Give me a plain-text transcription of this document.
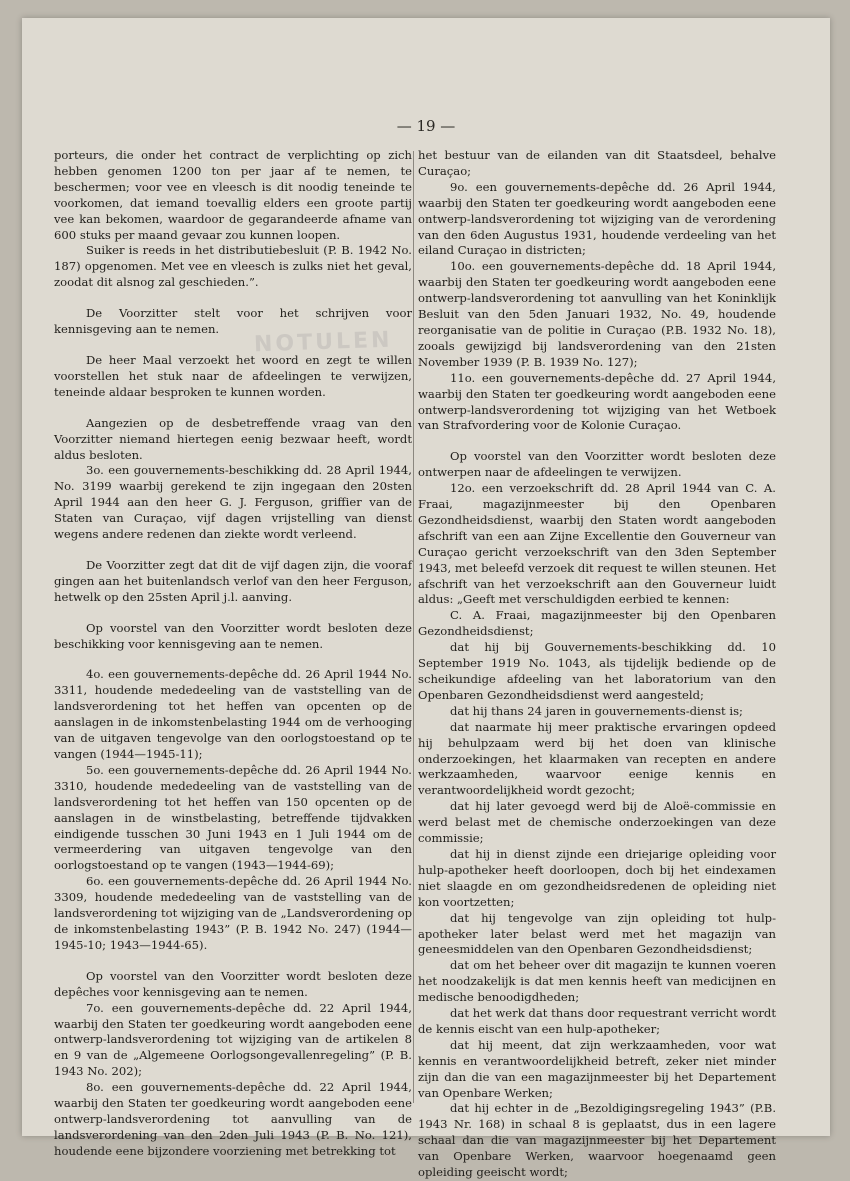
— 19 —
NOTULEN

porteurs, die onder het contract de verplichting op zich hebben genomen 1200 ton per jaar af te nemen, te beschermen; voor vee en vleesch is dit noodig teneinde te voorkomen, dat iemand toevallig elders een groote partij vee kan bekomen, waardoor de gegarandeerde afname van 600 stuks per maand gevaar zou kunnen loopen.

Suiker is reeds in het distributiebesluit (P. B. 1942 No. 187) opgenomen. Met vee en vleesch is zulks niet het geval, zoodat dit alsnog zal geschieden.”.

De Voorzitter stelt voor het schrijven voor kennisgeving aan te nemen.

De heer Maal verzoekt het woord en zegt te willen voorstellen het stuk naar de afdeelingen te verwijzen, teneinde aldaar besproken te kunnen worden.

Aangezien op de desbetreffende vraag van den Voorzitter niemand hiertegen eenig bezwaar heeft, wordt aldus besloten.

3o. een gouvernements-beschikking dd. 28 April 1944, No. 3199 waarbij gerekend te zijn ingegaan den 20sten April 1944 aan den heer G. J. Ferguson, griffier van de Staten van Curaçao, vijf dagen vrijstelling van dienst wegens andere redenen dan ziekte wordt verleend.

De Voorzitter zegt dat dit de vijf dagen zijn, die vooraf gingen aan het buitenlandsch verlof van den heer Ferguson, hetwelk op den 25sten April j.l. aanving.

Op voorstel van den Voorzitter wordt besloten deze beschikking voor kennisgeving aan te nemen.

4o. een gouvernements-depêche dd. 26 April 1944 No. 3311, houdende mededeeling van de vaststelling van de landsverordening tot het heffen van opcenten op de aanslagen in de inkomstenbelasting 1944 om de verhooging van de uitgaven tengevolge van den oorlogstoestand op te vangen (1944—1945-11);

5o. een gouvernements-depêche dd. 26 April 1944 No. 3310, houdende mededeeling van de vaststelling van de landsverordening tot het heffen van 150 opcenten op de aanslagen in de winstbelasting, betreffende tijdvakken eindigende tusschen 30 Juni 1943 en 1 Juli 1944 om de vermeerdering van uitgaven tengevolge van den oorlogstoestand op te vangen (1943—1944-69);

6o. een gouvernements-depêche dd. 26 April 1944 No. 3309, houdende mededeeling van de vaststelling van de landsverordening tot wijziging van de „Landsverordening op de inkomstenbelasting 1943” (P. B. 1942 No. 247) (1944—1945-10; 1943—1944-65).

Op voorstel van den Voorzitter wordt besloten deze depêches voor kennisgeving aan te nemen.

7o. een gouvernements-depêche dd. 22 April 1944, waarbij den Staten ter goedkeuring wordt aangeboden eene ontwerp-landsverordening tot wijziging van de artikelen 8 en 9 van de „Algemeene Oorlogsongevallenregeling” (P. B. 1943 No. 202);

8o. een gouvernements-depêche dd. 22 April 1944, waarbij den Staten ter goedkeuring wordt aangeboden eene ontwerp-landsverordening tot aanvulling van de landsverordening van den 2den Juli 1943 (P. B. No. 121), houdende eene bijzondere voorziening met betrekking tot

het bestuur van de eilanden van dit Staatsdeel, behalve Curaçao;

9o. een gouvernements-depêche dd. 26 April 1944, waarbij den Staten ter goedkeuring wordt aangeboden eene ontwerp-landsverordening tot wijziging van de verordening van den 6den Augustus 1931, houdende verdeeling van het eiland Curaçao in districten;

10o. een gouvernements-depêche dd. 18 April 1944, waarbij den Staten ter goedkeuring wordt aangeboden eene ontwerp-landsverordening tot aanvulling van het Koninklijk Besluit van den 5den Januari 1932, No. 49, houdende reorganisatie van de politie in Curaçao (P.B. 1932 No. 18), zooals gewijzigd bij landsverordening van den 21sten November 1939 (P. B. 1939 No. 127);

11o. een gouvernements-depêche dd. 27 April 1944, waarbij den Staten ter goedkeuring wordt aangeboden eene ontwerp-landsverordening tot wijziging van het Wetboek van Strafvordering voor de Kolonie Curaçao.

Op voorstel van den Voorzitter wordt besloten deze ontwerpen naar de afdeelingen te verwijzen.

12o. een verzoekschrift dd. 28 April 1944 van C. A. Fraai, magazijnmeester bij den Openbaren Gezondheidsdienst, waarbij den Staten wordt aangeboden afschrift van een aan Zijne Excellentie den Gouverneur van Curaçao gericht verzoekschrift van den 3den September 1943, met beleefd verzoek dit request te willen steunen. Het afschrift van het verzoekschrift aan den Gouverneur luidt aldus: „Geeft met verschuldigden eerbied te kennen:

C. A. Fraai, magazijnmeester bij den Openbaren Gezondheidsdienst;

dat hij bij Gouvernements-beschikking dd. 10 September 1919 No. 1043, als tijdelijk bediende op de scheikundige afdeeling van het laboratorium van den Openbaren Gezondheidsdienst werd aangesteld;

dat hij thans 24 jaren in gouvernements-dienst is;

dat naarmate hij meer praktische ervaringen opdeed hij behulpzaam werd bij het doen van klinische onderzoekingen, het klaarmaken van recepten en andere werkzaamheden, waarvoor eenige kennis en verantwoordelijkheid wordt gezocht;

dat hij later gevoegd werd bij de Aloë-commissie en werd belast met de chemische onderzoekingen van deze commissie;

dat hij in dienst zijnde een driejarige opleiding voor hulp-apotheker heeft doorloopen, doch bij het eindexamen niet slaagde en om gezondheidsredenen de opleiding niet kon voortzetten;

dat hij tengevolge van zijn opleiding tot hulp-apotheker later belast werd met het magazijn van geneesmiddelen van den Openbaren Gezondheidsdienst;

dat om het beheer over dit magazijn te kunnen voeren het noodzakelijk is dat men kennis heeft van medicijnen en medische benoodigdheden;

dat het werk dat thans door requestrant verricht wordt de kennis eischt van een hulp-apotheker;

dat hij meent, dat zijn werkzaamheden, voor wat kennis en verantwoordelijkheid betreft, zeker niet minder zijn dan die van een magazijnmeester bij het Departement van Openbare Werken;

dat hij echter in de „Bezoldigingsregeling 1943” (P.B. 1943 Nr. 168) in schaal 8 is geplaatst, dus in een lagere schaal dan die van magazijnmeester bij het Departement van Openbare Werken, waarvoor hoegenaamd geen opleiding geeischt wordt;
